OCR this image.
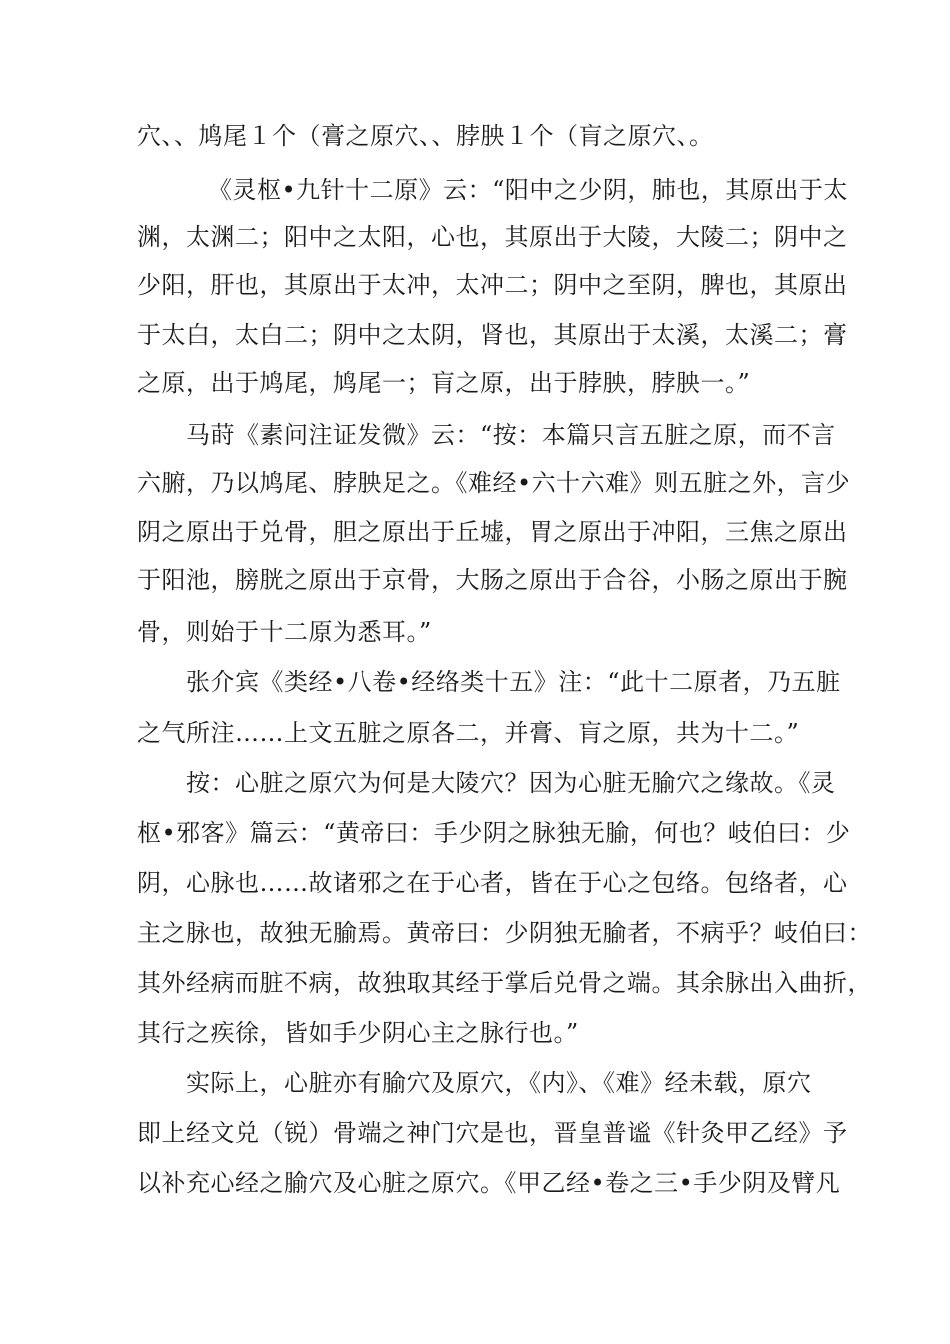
穴、、鸠尾１个（膏之原穴、、脖胦１个（肓之原穴、。
《灵枢•九针十二原》云：“阳中之少阴，肺也，其原出于太
渊，太渊二；阳中之太阳，心也，其原出于大陵，大陵二；阴中之
少阳，肝也，其原出于太冲，太冲二；阴中之至阴，脾也，其原出
于太白，太白二；阴中之太阴，肾也，其原出于太溪，太溪二；膏
之原，出于鸠尾，鸠尾一；肓之原，出于脖胦，脖胦一。”
马莳《素问注证发微》云：“按：本篇只言五脏之原，而不言
六腑，乃以鸠尾、脖胦足之。《难经•六十六难》则五脏之外，言少
阴之原出于兑骨，胆之原出于丘墟，胃之原出于冲阳，三焦之原出
于阳池，膀胱之原出于京骨，大肠之原出于合谷，小肠之原出于腕
骨，则始于十二原为悉耳。”
张介宾《类经•八卷•经络类十五》注：“此十二原者，乃五脏
之气所注……上文五脏之原各二，并膏、肓之原，共为十二。”
按：心脏之原穴为何是大陵穴？因为心脏无腧穴之缘故。《灵
枢•邪客》篇云：“黄帝曰：手少阴之脉独无腧，何也？岐伯曰：少
阴，心脉也……故诸邪之在于心者，皆在于心之包络。包络者，心
主之脉也，故独无腧焉。黄帝曰：少阴独无腧者，不病乎？岐伯曰：
其外经病而脏不病，故独取其经于掌后兑骨之端。其余脉出入曲折，
其行之疾徐，皆如手少阴心主之脉行也。”
实际上，心脏亦有腧穴及原穴，《内》、《难》经未载，原穴
即上经文兑（锐）骨端之神门穴是也，晋皇普谧《针灸甲乙经》予
以补充心经之腧穴及心脏之原穴。《甲乙经•卷之三•手少阴及臂凡
